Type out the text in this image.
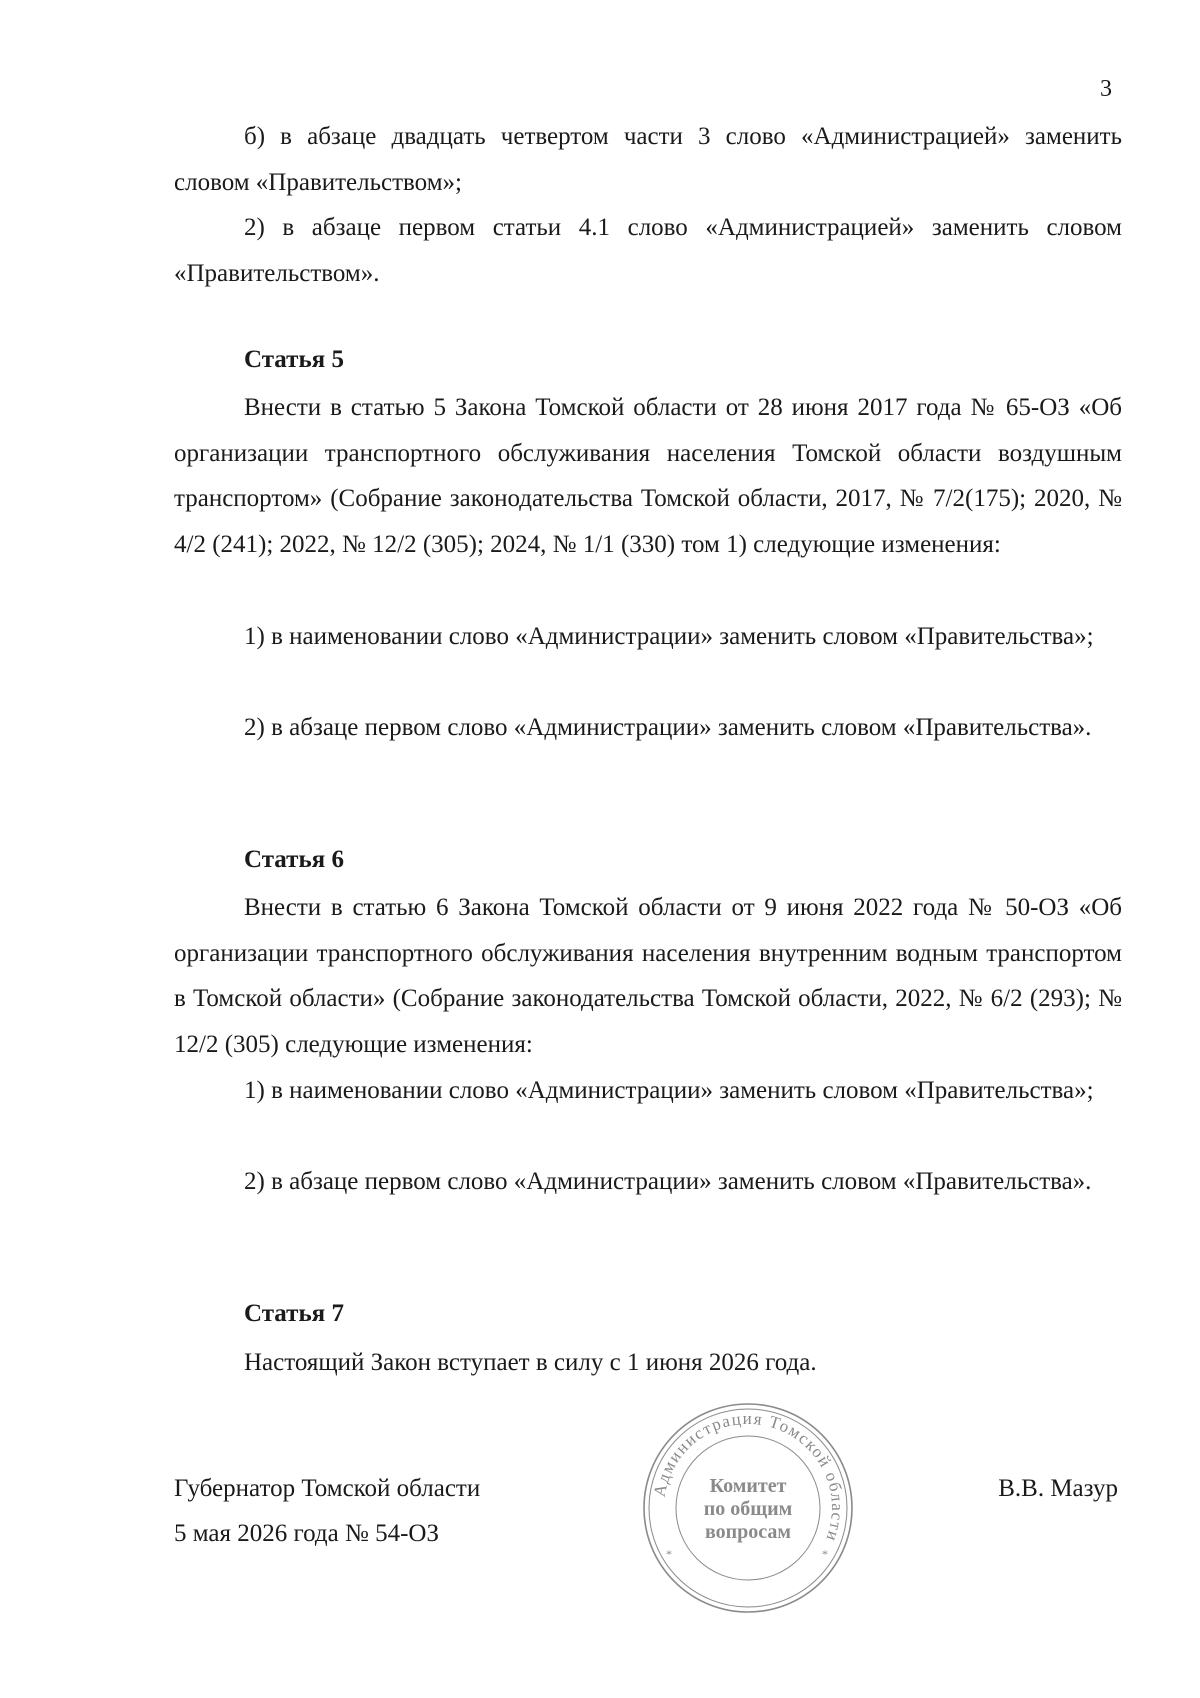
3
б) в абзаце двадцать четвертом части 3 слово «Администрацией» заменить словом «Правительством»;
2) в абзаце первом статьи 4.1 слово «Администрацией» заменить словом «Правительством».
Статья 5
Внести в статью 5 Закона Томской области от 28 июня 2017 года № 65-ОЗ «Об организации транспортного обслуживания населения Томской области воздушным транспортом» (Собрание законодательства Томской области, 2017, № 7/2(175); 2020, № 4/2 (241); 2022, № 12/2 (305); 2024, № 1/1 (330) том 1) следующие изменения:
1) в наименовании слово «Администрации» заменить словом «Правительства»;
2) в абзаце первом слово «Администрации» заменить словом «Правительства».
Статья 6
Внести в статью 6 Закона Томской области от 9 июня 2022 года № 50-ОЗ «Об организации транспортного обслуживания населения внутренним водным транспортом в Томской области» (Собрание законодательства Томской области, 2022, № 6/2 (293); № 12/2 (305) следующие изменения:
1) в наименовании слово «Администрации» заменить словом «Правительства»;
2) в абзаце первом слово «Администрации» заменить словом «Правительства».
Статья 7
Настоящий Закон вступает в силу с 1 июня 2026 года.
Губернатор Томской области
5 мая 2026 года № 54-ОЗ
В.В. Мазур
Администрация Томской области
Комитет
по общим
вопросам
*	*
